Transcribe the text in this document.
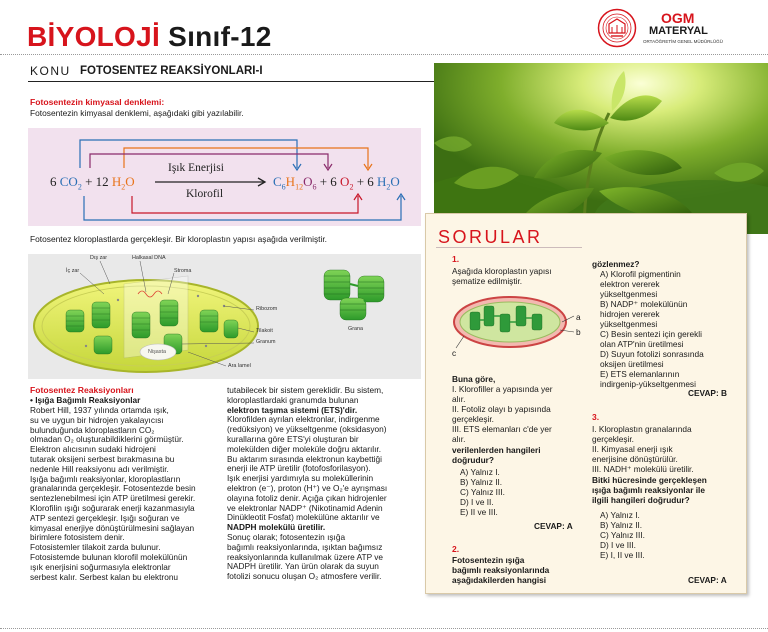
BİYOLOJİ Sınıf-12
OGM
MATERYAL
ORTAÖĞRETİM GENEL MÜDÜRLÜĞÜ
KONU FOTOSENTEZ REAKSİYONLARI-I
Fotosentezin kimyasal denklemi:
Fotosentezin kimyasal denklemi, aşağıdaki gibi yazılabilir.
6 $CO_2 + 12$ $H_2O$
Işık Enerjisi
Klorofil
$C_6H_{12}O_6 + 6$ $O_2 + 6$ $H_2O$
Fotosentez kloroplastlarda gerçekleşir. Bir kloroplastın yapısı aşağıda verilmiştir.
Dış zar	Halkasal DNA
İç zar	Stroma
Ribozom
Tilakoit
Granum
Nişasta
Ara lamel
Grana
Fotosentez Reaksiyonları
• Işığa Bağımlı Reaksiyonlar
Robert Hill, 1937 yılında ortamda ışık,
su ve uygun bir hidrojen yakalayıcısı
bulunduğunda kloroplastların CO₂
olmadan O₂ oluşturabildiklerini görmüştür.
Elektron alıcısının sudaki hidrojeni
tutarak oksijeni serbest bırakmasına bu
nedenle Hill reaksiyonu adı verilmiştir.
Işığa bağımlı reaksiyonlar, kloroplastların
granalarında gerçekleşir. Fotosentezde besin
sentezlenebilmesi için ATP üretilmesi gerekir.
Klorofilin ışığı soğurarak enerji kazanmasıyla
ATP sentezi gerçekleşir. Işığı soğuran ve
kimyasal enerjiye dönüştürülmesini sağlayan
birimlere fotosistem denir.
Fotosistemler tilakoit zarda bulunur.
Fotosistemde bulunan klorofil molekülünün
ışık enerjisini soğurmasıyla elektronlar
serbest kalır. Serbest kalan bu elektronu
tutabilecek bir sistem gereklidir. Bu sistem,
kloroplastlardaki granumda bulunan
elektron taşıma sistemi (ETS)'dir.
Klorofilden ayrılan elektronlar, indirgenme
(redüksiyon) ve yükseltgenme (oksidasyon)
kurallarına göre ETS'yi oluşturan bir
molekülden diğer moleküle doğru aktarılır.
Bu aktarım sırasında elektronun kaybettiği
enerji ile ATP üretilir (fotofosforilasyon).
Işık enerjisi yardımıyla su moleküllerinin
elektron (e⁻), proton (H⁺) ve O₂'e ayrışması
olayına fotoliz denir. Açığa çıkan hidrojenler
ve elektronlar NADP⁺ (Nikotinamid Adenin
Dinükleotit Fosfat) molekülüne aktarılır ve
NADPH molekülü üretilir.
Sonuç olarak; fotosentezin ışığa
bağımlı reaksiyonlarında, ışıktan bağımsız
reaksiyonlarında kullanılmak üzere ATP ve
NADPH üretilir. Yan ürün olarak da suyun
fotolizi sonucu oluşan O₂ atmosfere verilir.
SORULAR
1.
Aşağıda kloroplastın yapısı
şematize edilmiştir.
a
b
c
Buna göre,
I. Klorofiller a yapısında yer
alır.
II. Fotoliz olayı b yapısında
gerçekleşir.
III. ETS elemanları c'de yer
alır.
verilenlerden hangileri
doğrudur?
A) Yalnız I.
B) Yalnız II.
C) Yalnız III.
D) I ve II.
E) II ve III.
CEVAP: A
2.
Fotosentezin ışığa
bağımlı reaksiyonlarında
aşağıdakilerden hangisi
gözlenmez?
A) Klorofil pigmentinin
elektron vererek
yükseltgenmesi
B) NADP⁺ molekülünün
hidrojen vererek
yükseltgenmesi
C) Besin sentezi için gerekli
olan ATP'nin üretilmesi
D) Suyun fotolizi sonrasında
oksijen üretilmesi
E) ETS elemanlarının
indirgenip-yükseltgenmesi
CEVAP: B
3.
I. Kloroplastın granalarında
gerçekleşir.
II. Kimyasal enerji ışık
enerjisine dönüştürülür.
III. NADH⁺ molekülü üretilir.
Bitki hücresinde gerçekleşen
ışığa bağımlı reaksiyonlar ile
ilgili hangileri doğrudur?
A) Yalnız I.
B) Yalnız II.
C) Yalnız III.
D) I ve III.
E) I, II ve III.
CEVAP: A
